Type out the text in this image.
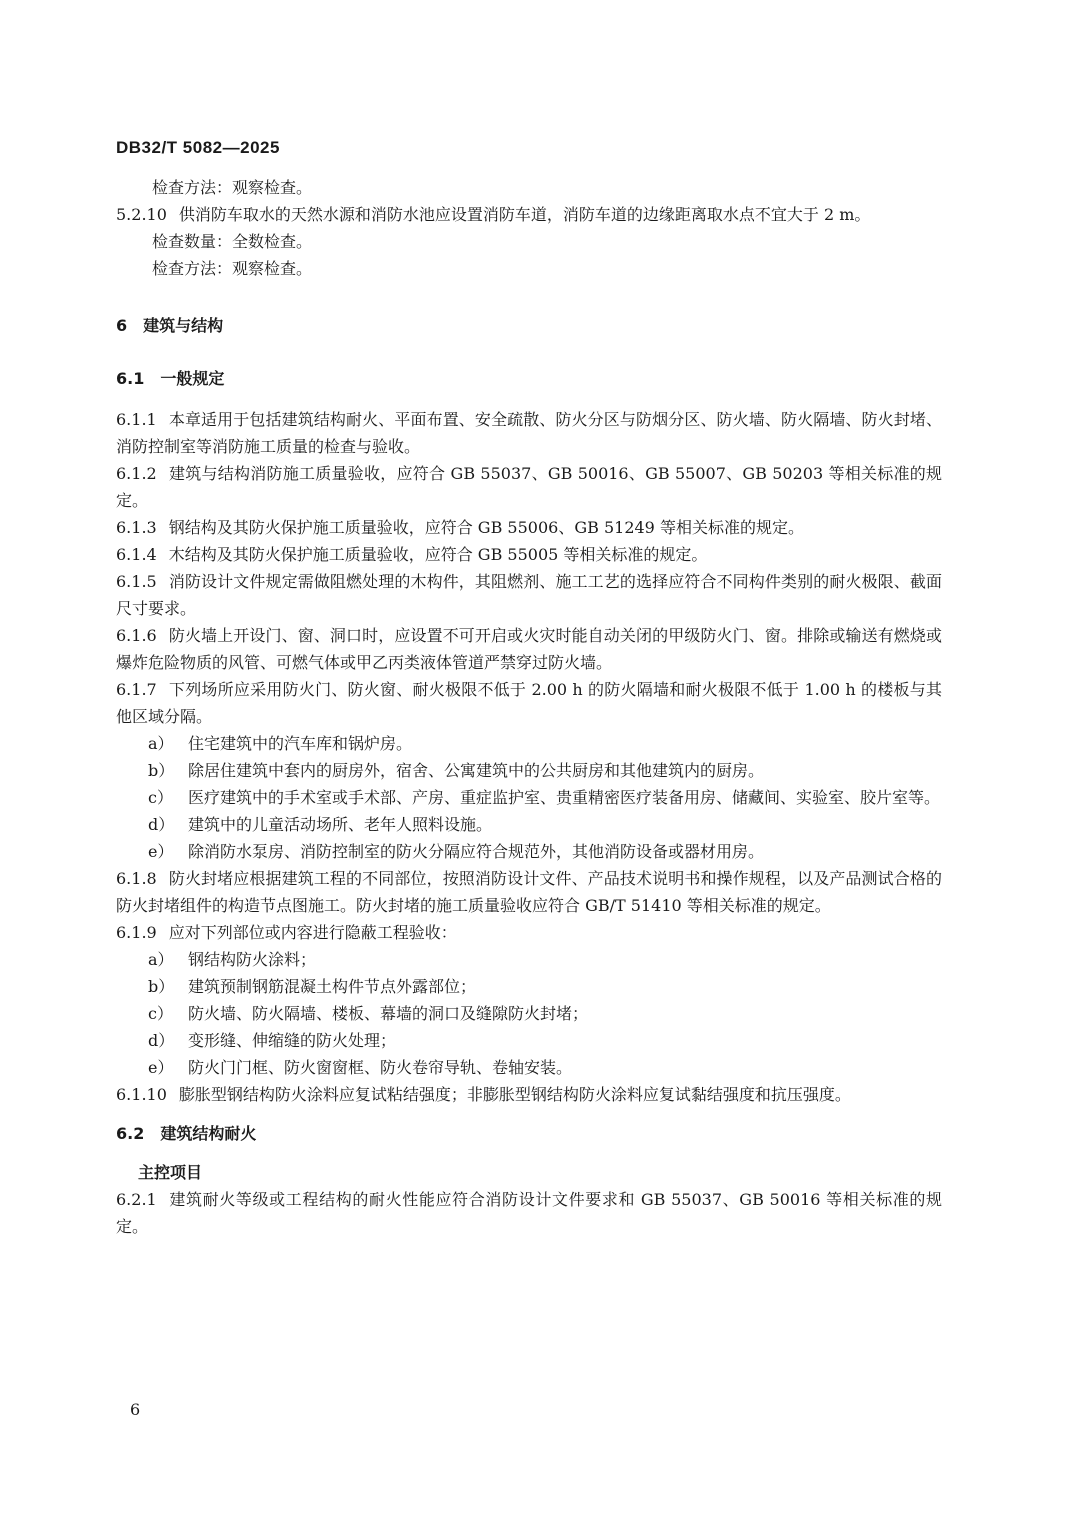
DB32/T 5082—2025

检查方法：观察检查。

5.2.10 供消防车取水的天然水源和消防水池应设置消防车道，消防车道的边缘距离取水点不宜大于 2 m。

检查数量：全数检查。

检查方法：观察检查。

6 建筑与结构
6.1 一般规定

6.1.1 本章适用于包括建筑结构耐火、平面布置、安全疏散、防火分区与防烟分区、防火墙、防火隔墙、防火封堵、消防控制室等消防施工质量的检查与验收。

6.1.2 建筑与结构消防施工质量验收，应符合 GB 55037、GB 50016、GB 55007、GB 50203 等相关标准的规定。

6.1.3 钢结构及其防火保护施工质量验收，应符合 GB 55006、GB 51249 等相关标准的规定。

6.1.4 木结构及其防火保护施工质量验收，应符合 GB 55005 等相关标准的规定。

6.1.5 消防设计文件规定需做阻燃处理的木构件，其阻燃剂、施工工艺的选择应符合不同构件类别的耐火极限、截面尺寸要求。

6.1.6 防火墙上开设门、窗、洞口时，应设置不可开启或火灾时能自动关闭的甲级防火门、窗。排除或输送有燃烧或爆炸危险物质的风管、可燃气体或甲乙丙类液体管道严禁穿过防火墙。

6.1.7 下列场所应采用防火门、防火窗、耐火极限不低于 2.00 h 的防火隔墙和耐火极限不低于 1.00 h 的楼板与其他区域分隔。

a） 住宅建筑中的汽车库和锅炉房。
b） 除居住建筑中套内的厨房外，宿舍、公寓建筑中的公共厨房和其他建筑内的厨房。
c） 医疗建筑中的手术室或手术部、产房、重症监护室、贵重精密医疗装备用房、储藏间、实验室、胶片室等。
d） 建筑中的儿童活动场所、老年人照料设施。
e） 除消防水泵房、消防控制室的防火分隔应符合规范外，其他消防设备或器材用房。

6.1.8 防火封堵应根据建筑工程的不同部位，按照消防设计文件、产品技术说明书和操作规程，以及产品测试合格的防火封堵组件的构造节点图施工。防火封堵的施工质量验收应符合 GB/T 51410 等相关标准的规定。

6.1.9 应对下列部位或内容进行隐蔽工程验收：

a） 钢结构防火涂料；
b） 建筑预制钢筋混凝土构件节点外露部位；
c） 防火墙、防火隔墙、楼板、幕墙的洞口及缝隙防火封堵；
d） 变形缝、伸缩缝的防火处理；
e） 防火门门框、防火窗窗框、防火卷帘导轨、卷轴安装。

6.1.10 膨胀型钢结构防火涂料应复试粘结强度；非膨胀型钢结构防火涂料应复试黏结强度和抗压强度。

6.2 建筑结构耐火
主控项目

6.2.1 建筑耐火等级或工程结构的耐火性能应符合消防设计文件要求和 GB 55037、GB 50016 等相关标准的规定。

6
